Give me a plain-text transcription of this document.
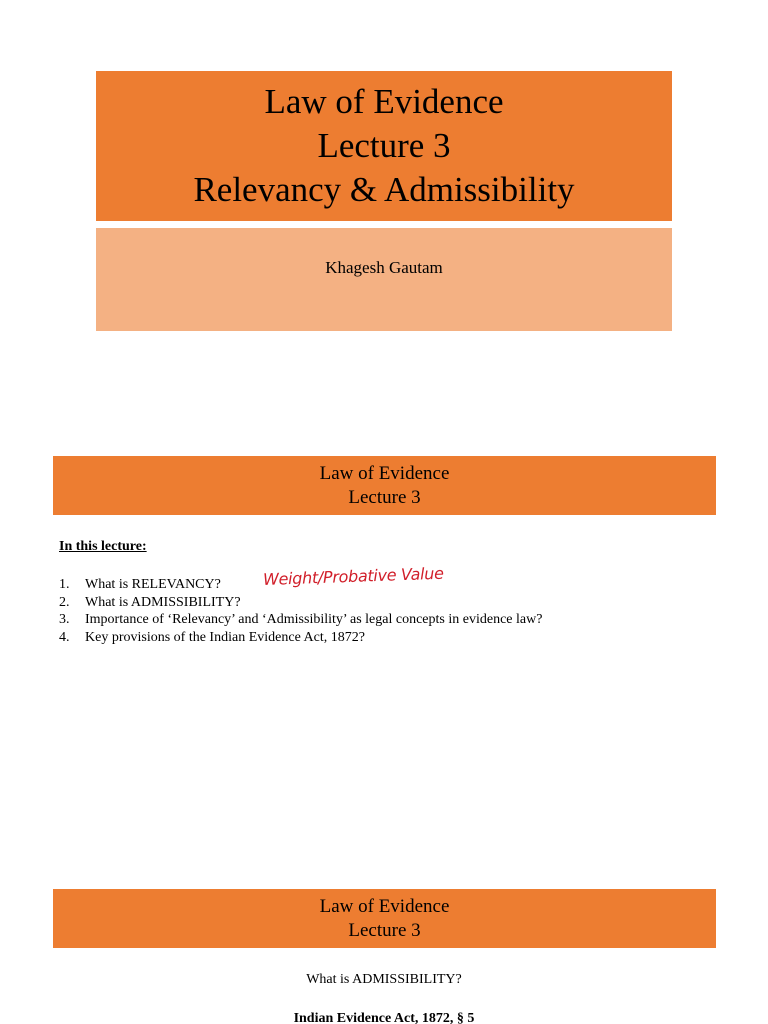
Law of Evidence
Lecture 3
Relevancy & Admissibility
Khagesh Gautam
Law of Evidence
Lecture 3
In this lecture:
1. What is RELEVANCY?
2. What is ADMISSIBILITY?
3. Importance of ‘Relevancy’ and ‘Admissibility’ as legal concepts in evidence law?
4. Key provisions of the Indian Evidence Act, 1872?
Weight/Probative Value
Law of Evidence
Lecture 3
What is ADMISSIBILITY?
Indian Evidence Act, 1872, § 5
